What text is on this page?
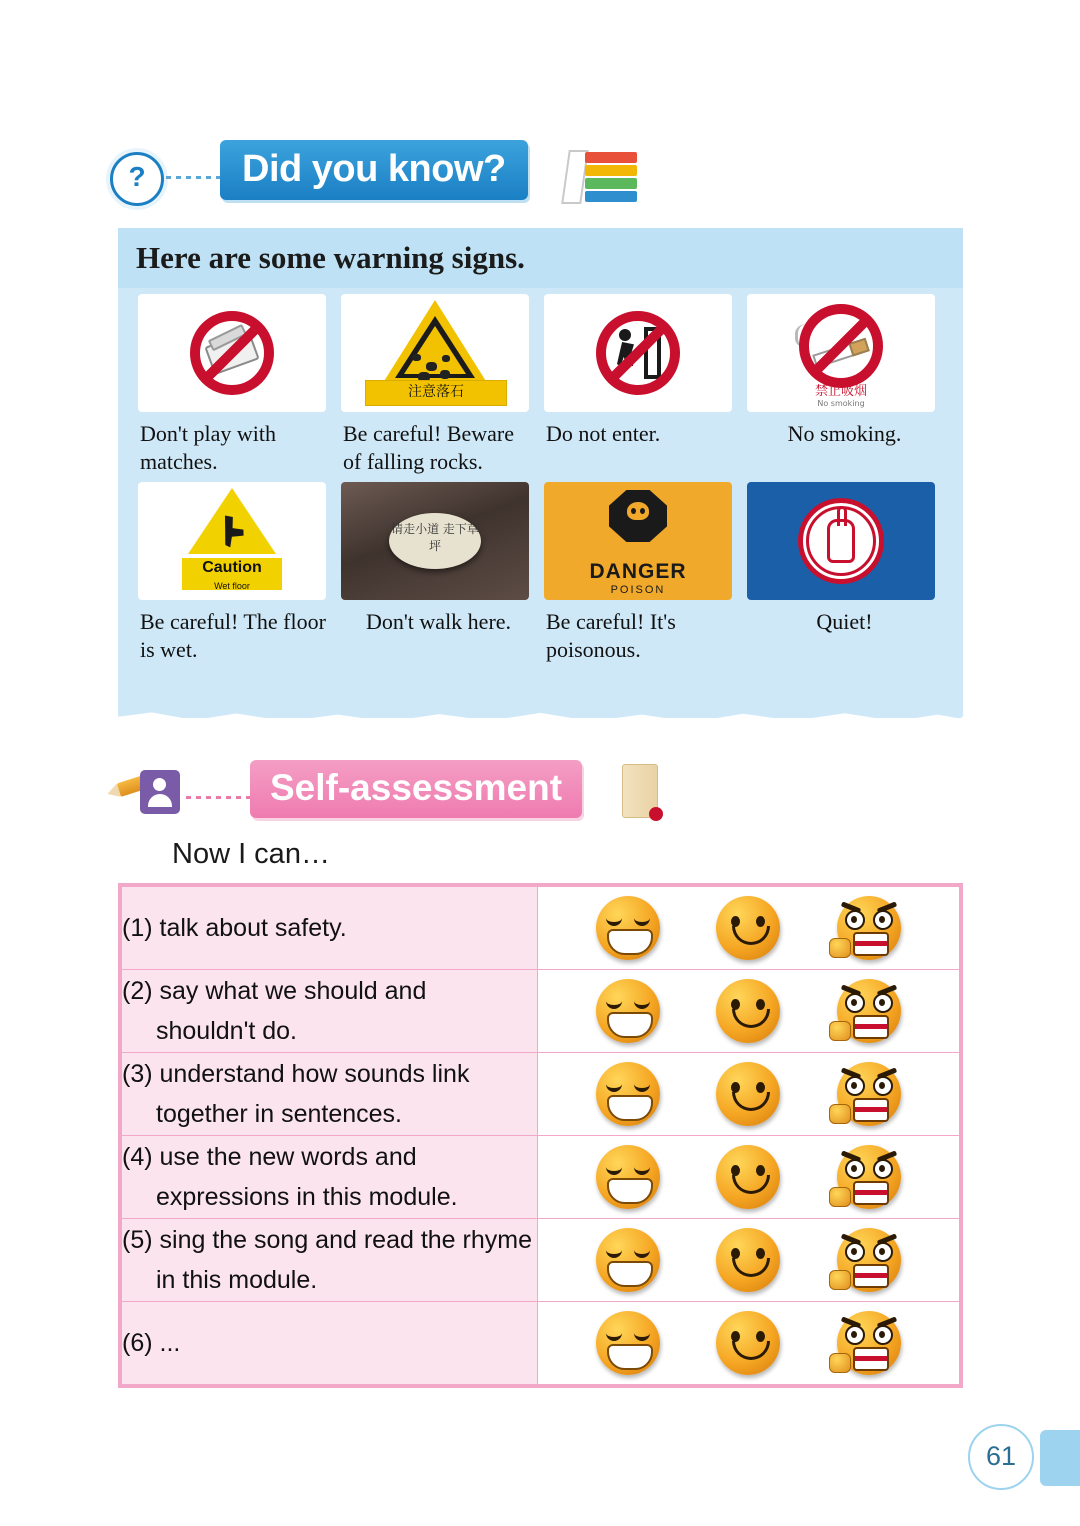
?	Did you know?
Here are some warning signs.
Don't play with matches.
注意落石
Be careful! Beware of falling rocks.
Do not enter.
禁止吸烟
No smoking
No smoking.
Caution
Wet floor
Be careful! The floor is wet.
请走小道 走下草坪
Don't walk here.
DANGER
POISON
Be careful! It's poisonous.
Quiet!
Self-assessment
Now I can…
(1) talk about safety.	

(2) say what we should and
shouldn't do.	

(3) understand how sounds link
together in sentences.	

(4) use the new words and
expressions in this module.	

(5) sing the song and read the rhyme
in this module.	

(6) ...	
61
